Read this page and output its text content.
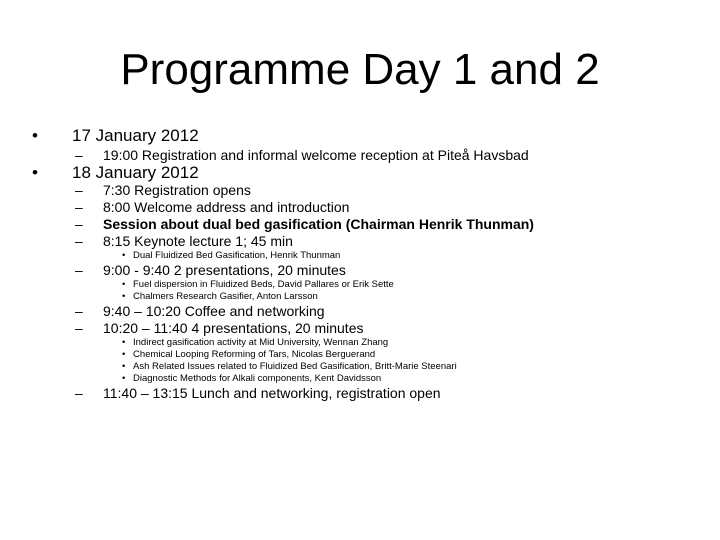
Programme Day 1 and 2
• 17 January 2012
– 19:00 Registration and informal welcome reception at Piteå Havsbad
• 18 January 2012
– 7:30 Registration opens
– 8:00 Welcome address and introduction
– Session about dual bed gasification (Chairman Henrik Thunman)
– 8:15 Keynote lecture 1; 45 min
• Dual Fluidized Bed Gasification, Henrik Thunman
– 9:00 - 9:40 2 presentations, 20 minutes
• Fuel dispersion in Fluidized Beds, David Pallares or Erik Sette
• Chalmers Research Gasifier, Anton Larsson
– 9:40 – 10:20 Coffee and networking
– 10:20 – 11:40 4 presentations, 20 minutes
• Indirect gasification activity at Mid University, Wennan Zhang
• Chemical Looping Reforming of Tars, Nicolas Berguerand
• Ash Related Issues related to Fluidized Bed Gasification, Britt-Marie Steenari
• Diagnostic Methods for Alkali components, Kent Davidsson
– 11:40 – 13:15 Lunch and networking, registration open
